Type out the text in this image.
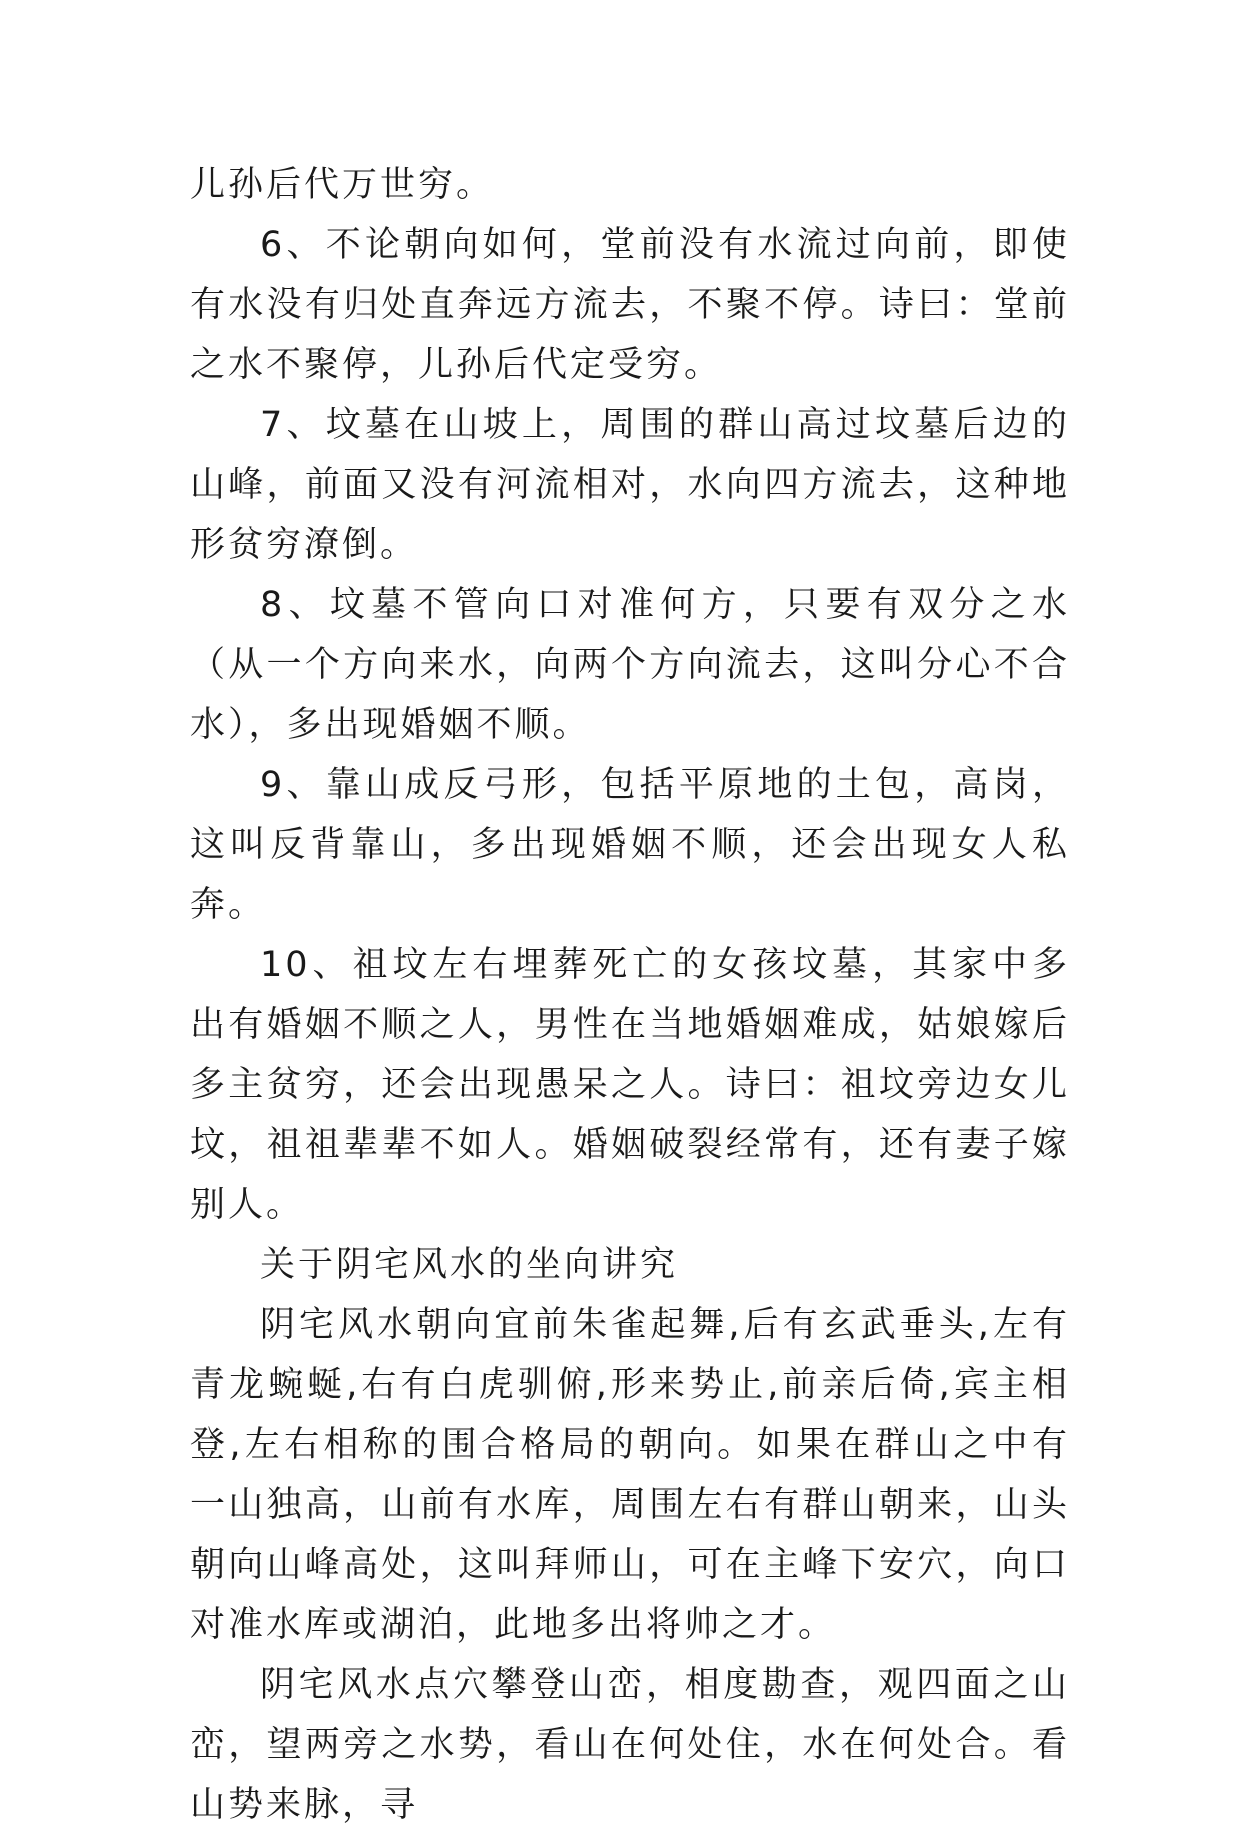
儿孙后代万世穷。

6、不论朝向如何，堂前没有水流过向前，即使有水没有归处直奔远方流去，不聚不停。诗曰：堂前之水不聚停，儿孙后代定受穷。

7、坟墓在山坡上，周围的群山高过坟墓后边的山峰，前面又没有河流相对，水向四方流去，这种地形贫穷潦倒。

8、坟墓不管向口对准何方，只要有双分之水（从一个方向来水，向两个方向流去，这叫分心不合水），多出现婚姻不顺。

9、靠山成反弓形，包括平原地的土包，高岗，这叫反背靠山，多出现婚姻不顺，还会出现女人私奔。

10、祖坟左右埋葬死亡的女孩坟墓，其家中多出有婚姻不顺之人，男性在当地婚姻难成，姑娘嫁后多主贫穷，还会出现愚呆之人。诗曰：祖坟旁边女儿坟，祖祖辈辈不如人。婚姻破裂经常有，还有妻子嫁别人。

关于阴宅风水的坐向讲究

阴宅风水朝向宜前朱雀起舞,后有玄武垂头,左有青龙蜿蜒,右有白虎驯俯,形来势止,前亲后倚,宾主相登,左右相称的围合格局的朝向。如果在群山之中有一山独高，山前有水库，周围左右有群山朝来，山头朝向山峰高处，这叫拜师山，可在主峰下安穴，向口对准水库或湖泊，此地多出将帅之才。

阴宅风水点穴攀登山峦，相度勘查，观四面之山峦，望两旁之水势，看山在何处住，水在何处合。看山势来脉，寻
